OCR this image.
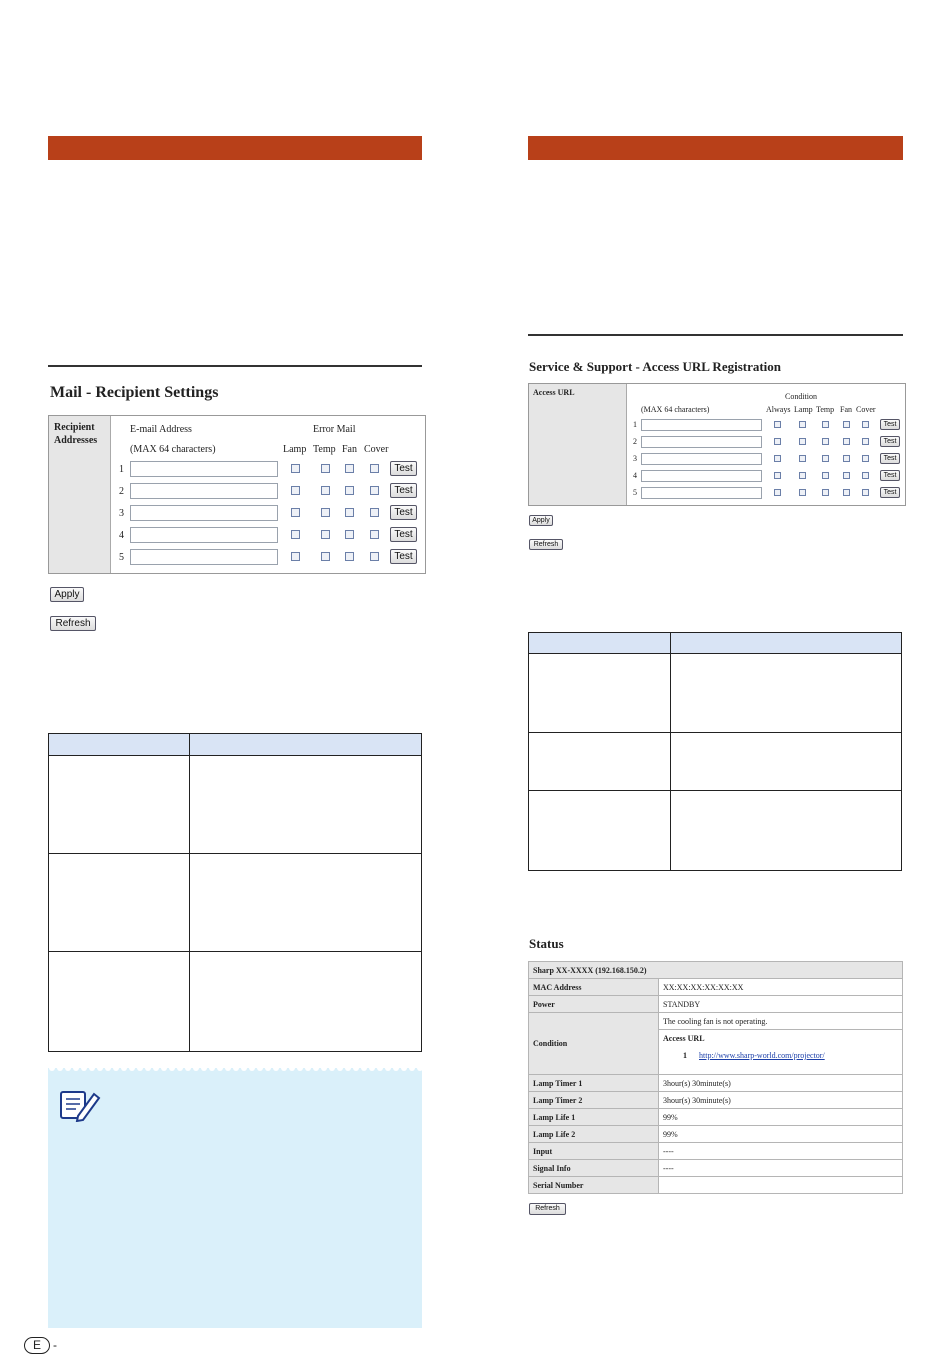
Mail - Recipient Settings
Recipient Addresses
E-mail Address
(MAX 64 characters)
Error Mail
Lamp Temp Fan Cover
1	Test
2	Test
3	Test
4	Test
5	Test
Apply
Refresh

E	-
Service & Support - Access URL Registration
Access URL	Condition
(MAX 64 characters)	Always Lamp Temp Fan Cover
1	Test
2	Test
3	Test
4	Test
5	Test
Apply
Refresh

Status
Sharp XX-XXXX (192.168.150.2)	
MAC Address	XX:XX:XX:XX:XX:XX
Power	STANDBY
Condition	The cooling fan is not operating.

	Access URL
1 http://www.sharp-world.com/projector/

Lamp Timer 1	3hour(s) 30minute(s)
Lamp Timer 2	3hour(s) 30minute(s)
Lamp Life 1	99%
Lamp Life 2	99%
Input	----
Signal Info	----
Serial Number	
Refresh
